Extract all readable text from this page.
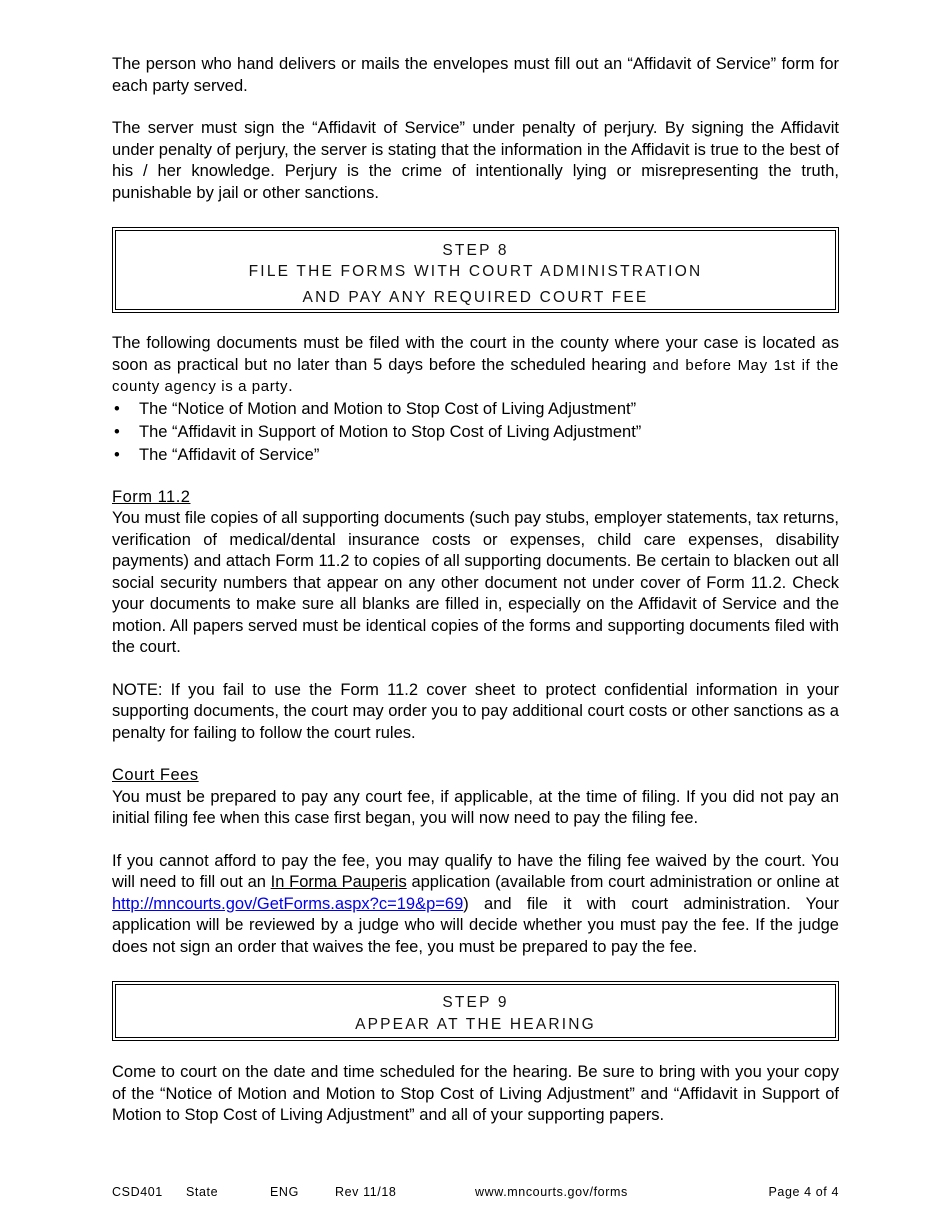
The person who hand delivers or mails the envelopes must fill out an “Affidavit of Service” form for each party served.

The server must sign the “Affidavit of Service” under penalty of perjury. By signing the Affidavit under penalty of perjury, the server is stating that the information in the Affidavit is true to the best of his / her knowledge. Perjury is the crime of intentionally lying or misrepresenting the truth, punishable by jail or other sanctions.

STEP 8
FILE THE FORMS WITH COURT ADMINISTRATION
AND PAY ANY REQUIRED COURT FEE

The following documents must be filed with the court in the county where your case is located as soon as practical but no later than 5 days before the scheduled hearing and before May 1st if the county agency is a party.

• The “Notice of Motion and Motion to Stop Cost of Living Adjustment”
• The “Affidavit in Support of Motion to Stop Cost of Living Adjustment”
• The “Affidavit of Service”
Form 11.2

You must file copies of all supporting documents (such pay stubs, employer statements, tax returns, verification of medical/dental insurance costs or expenses, child care expenses, disability payments) and attach Form 11.2 to copies of all supporting documents. Be certain to blacken out all social security numbers that appear on any other document not under cover of Form 11.2. Check your documents to make sure all blanks are filled in, especially on the Affidavit of Service and the motion. All papers served must be identical copies of the forms and supporting documents filed with the court.

NOTE: If you fail to use the Form 11.2 cover sheet to protect confidential information in your supporting documents, the court may order you to pay additional court costs or other sanctions as a penalty for failing to follow the court rules.

Court Fees

You must be prepared to pay any court fee, if applicable, at the time of filing. If you did not pay an initial filing fee when this case first began, you will now need to pay the filing fee.

If you cannot afford to pay the fee, you may qualify to have the filing fee waived by the court. You will need to fill out an In Forma Pauperis application (available from court administration or online at http://mncourts.gov/GetForms.aspx?c=19&p=69) and file it with court administration. Your application will be reviewed by a judge who will decide whether you must pay the fee. If the judge does not sign an order that waives the fee, you must be prepared to pay the fee.

STEP 9
APPEAR AT THE HEARING

Come to court on the date and time scheduled for the hearing. Be sure to bring with you your copy of the “Notice of Motion and Motion to Stop Cost of Living Adjustment” and “Affidavit in Support of Motion to Stop Cost of Living Adjustment” and all of your supporting papers.

CSD401 State	ENG	Rev 11/18	www.mncourts.gov/forms	Page 4 of 4
